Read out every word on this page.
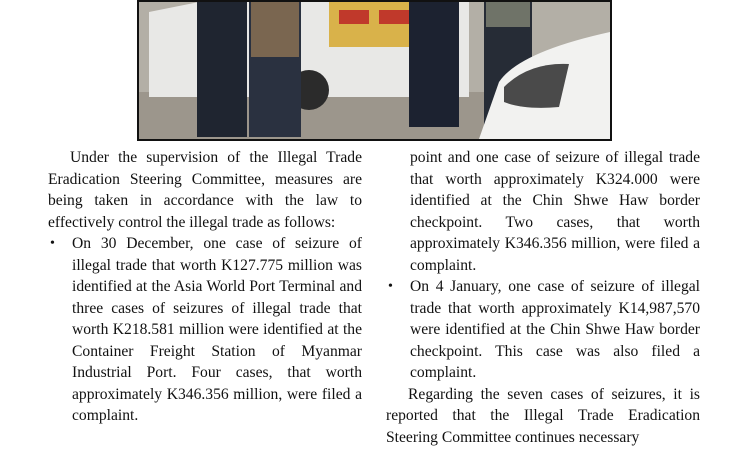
Under the supervision of the Illegal Trade Eradication Steering Committee, measures are being taken in accordance with the law to effectively control the illegal trade as follows:

• On 30 December, one case of seizure of illegal trade that worth K127.775 million was identified at the Asia World Port Terminal and three cases of seizures of illegal trade that worth K218.581 million were identified at the Container Freight Station of Myanmar Industrial Port. Four cases, that worth approximately K346.356 million, were filed a complaint.

point and one case of seizure of illegal trade that worth approximately K324.000 were identified at the Chin Shwe Haw border checkpoint. Two cases, that worth approximately K346.356 million, were filed a complaint.

• On 4 January, one case of seizure of illegal trade that worth approximately K14,987,570 were identified at the Chin Shwe Haw border checkpoint. This case was also filed a complaint.

Regarding the seven cases of seizures, it is reported that the Illegal Trade Eradication Steering Committee continues necessary
